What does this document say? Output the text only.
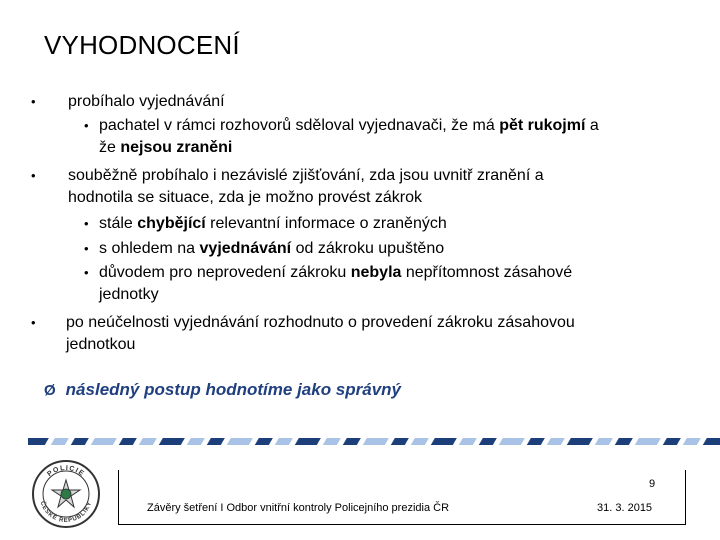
VYHODNOCENÍ
• probíhalo vyjednávání
• pachatel v rámci rozhovorů sděloval vyjednavači, že má pět rukojmí a
že nejsou zraněni
• souběžně probíhalo i nezávislé zjišťování, zda jsou uvnitř zranění a
hodnotila se situace, zda je možno provést zákrok
• stále chybějící relevantní informace o zraněných
• s ohledem na vyjednávání od zákroku upuštěno
• důvodem pro neprovedení zákroku nebyla nepřítomnost zásahové
jednotky
• po neúčelnosti vyjednávání rozhodnuto o provedení zákroku zásahovou
jednotkou
Ø následný postup hodnotíme jako správný
POLICIE
ČESKÉ REPUBLIKY
9
Závěry šetření I Odbor vnitřní kontroly Policejního prezidia ČR	31. 3. 2015
